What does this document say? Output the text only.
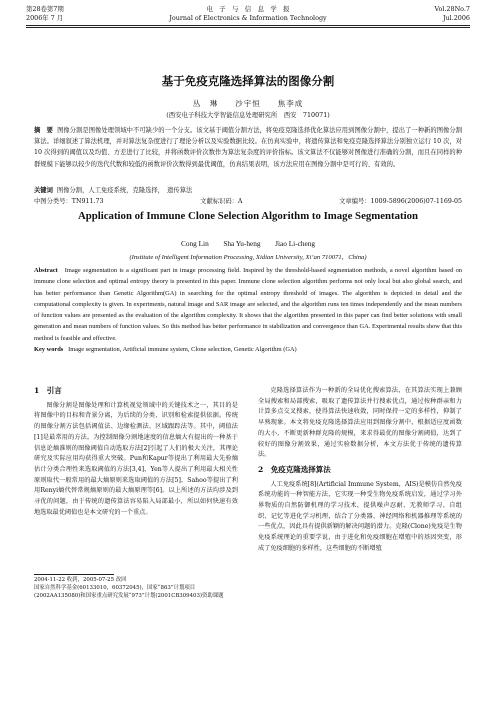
第28卷第7期	电　子　与　信　息　学　报	Vol.28No.7
2006年 7 月	Journal of Electronics & Information Technology	Jul.2006
基于免疫克隆选择算法的图像分割
丛　琳　　沙宇恒　　焦李成
(西安电子科技大学智能信息处理研究所　西安　710071)
摘　要 图像分割是图像处理领域中不可缺少的一个分支。该文基于阈值分割方法，将免疫克隆选择优化算法应用到图像分割中，提出了一种新的图像分割算法。详细叙述了算法机理，并对算法复杂度进行了理论分析以及实验数据比较。在仿真实验中，将遗传算法和免疫克隆选择算法分别独立运行 10 次，对 10 次得到的阈值以及均值、方差进行了比较，并将函数评价次数作为算法复杂度的评价指标。该文算法不仅能够对图像进行准确的分割，而且在同样的种群规模下能够以较少的迭代代数和较低的函数评价次数得到最优阈值，仿真结果表明，该方法应用在图像分割中是可行的、有效的。
关键词 图像分割，人工免疫系统，克隆选择，　遗传算法
中图分类号：TN911.73	文献标识码：A	文章编号：1009-5896(2006)07-1169-05
Application of Immune Clone Selection Algorithm to Image Segmentation
Cong Lin　　Sha Yu-heng　　Jiao Li-cheng
(Institute of Intelligent Information Processing, Xidian University, Xi’an 710071，China)
Abstract Image segmentation is a significant part in image processing field. Inspired by the threshold-based segmentation methods, a novel algorithm based on immune clone selection and optimal entropy theory is presented in this paper. Immune clone selection algorithm performs not only local but also global search, and has better performance than Genetic Algorithm(GA) in searching for the optimal entropy threshold of images. The algorithm is depicted in detail and the computational complexity is given. In experiments, natural image and SAR image are selected, and the algorithm runs ten times independently and the mean numbers of function values are presented as the evaluation of the algorithm complexity. It shows that the algorithm presented in this paper can find better solutions with small generation and mean numbers of function values. So this method has better performance in stabilization and convergence than GA. Experimental results show that this method is feasible and effective.
Key words Image segmentation, Artificial immune system, Clone selection, Genetic Algorithm (GA)
1　引言

图像分割是图像处理和计算机视觉领域中的关键技术之一，其目的是将图像中的目标和背景分离，为后续的分类、识别和检索提供依据。传统的图像分割方法包括阈值法、边缘检测法、区域跟踪法等。其中，阈值法[1]是最常用的方法。为控制图像分割地速度的信息熵大有提出的一种基于信息论熵准则的图像阈值自动选取方法[2]引起了人们的极大关注，其理论研究及实际应用均获得重大突破。Pun和Kapur等提出了利用最大先验熵估计分类合理性来选取阈值的方法[3,4]，Yen等人提出了利用最大相关性原则取代一般常用的最大熵原则来选取阈值的方法[5]，Sahoo等提出了利用Renyi熵代替常规熵原则的最大熵原理等[6]。以上所述的方法均涉及到寻优的问题，由于传统的遗传算法容易陷入局部最小，所以如何快速有效地选取最优阈值也是本文研究的一个重点。

克隆选择算法作为一种新的全局优化搜索算法，在其算法实现上兼顾全局搜索和局部搜索，吸取了遗传算法并行搜索优点，通过按种群亲和力计算多点交叉搜索，使得算法快速收敛，同时保持一定的多样性，抑制了早熟现象。本文将免疫克隆选择算法应用到图像分割中，根据适应度函数的大小，不断更新种群克隆的规模，来求得最优的图像分割阈值，达到了较好的图像分割效果，通过实验数据分析，本文方法优于传统的遗传算法。

2　免疫克隆选择算法

人工免疫系统[8](Artificial Immune System，AIS)是模仿自然免疫系统功能的一种智能方法，它实现一种受生物免疫系统启发，通过学习外界物质的自然防御机理的学习技术，提供噪声忍耐、无教师学习、自组织、记忆等进化学习机理，结合了分类器、神经网络和机器推理等系统的一些优点，因此具有提供新颖的解决问题的潜力。克隆(Clone)免疫是生物免疫系统理论的重要学说，由于进化和免疫细胞在增殖中的基因突变，形成了免疫细胞的多样性，这些细胞的不断增殖

2004-11-22 收到，2005-07-25 改回
国家自然科学基金(60133010，60372045)，国家“863”计划项目(2002AA135080)和国家重点研究发展“973”计划(2001CB309403)资助课题
